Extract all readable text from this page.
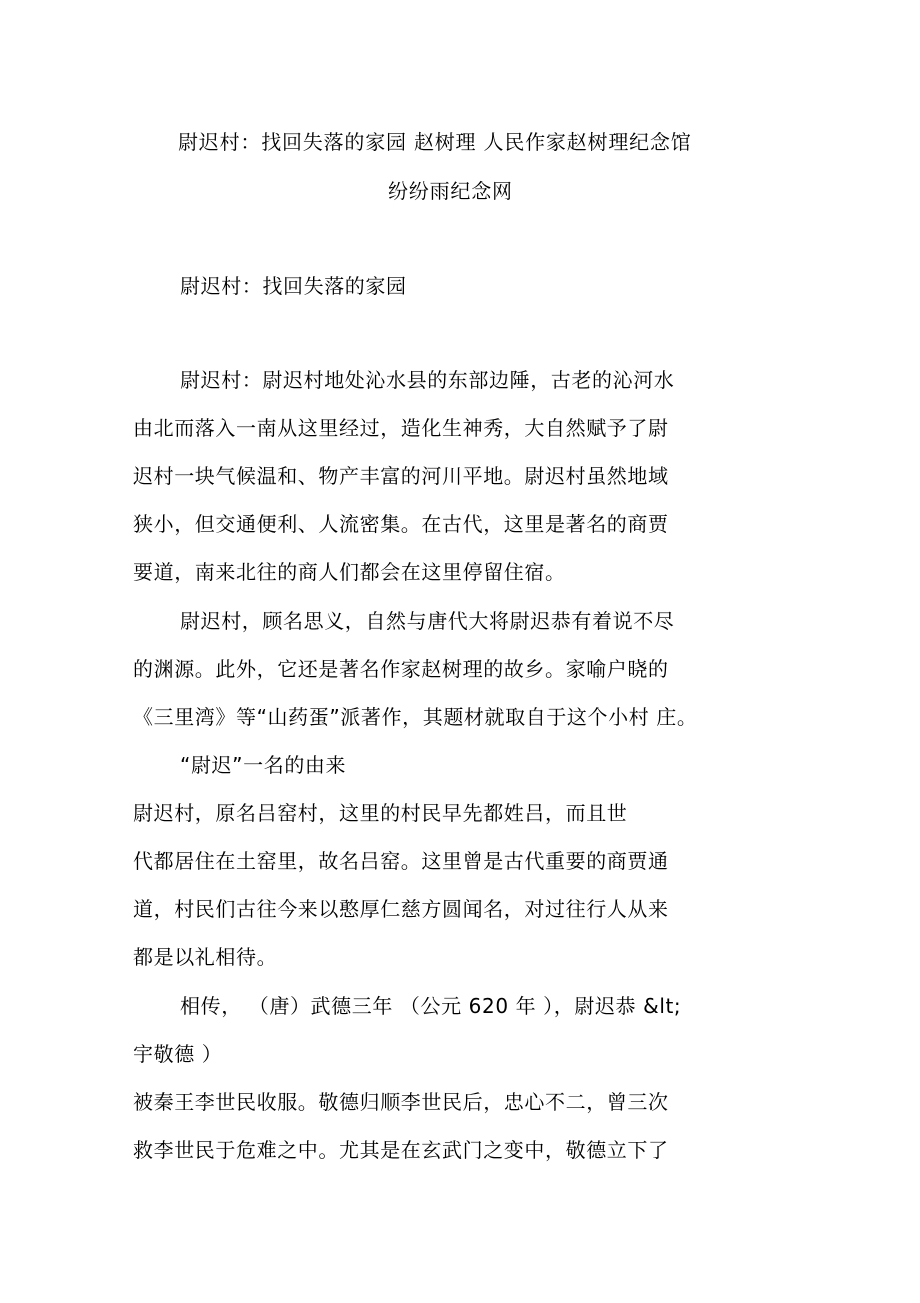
尉迟村：找回失落的家园 赵树理 人民作家赵树理纪念馆
纷纷雨纪念网
尉迟村：找回失落的家园
尉迟村：尉迟村地处沁水县的东部边陲，古老的沁河水
由北而落入一南从这里经过，造化生神秀，大自然赋予了尉
迟村一块气候温和、物产丰富的河川平地。尉迟村虽然地域
狭小，但交通便利、人流密集。在古代，这里是著名的商贾
要道，南来北往的商人们都会在这里停留住宿。
尉迟村，顾名思义，自然与唐代大将尉迟恭有着说不尽
的渊源。此外，它还是著名作家赵树理的故乡。家喻户晓的
《三里湾》等“山药蛋”派著作，其题材就取自于这个小村 庄。
“尉迟”一名的由来
尉迟村，原名吕窑村，这里的村民早先都姓吕，而且世
代都居住在土窑里，故名吕窑。这里曾是古代重要的商贾通
道，村民们古往今来以憨厚仁慈方圆闻名，对过往行人从来
都是以礼相待。
相传， （唐）武德三年 （公元 620 年 ），尉迟恭 &lt;
宇敬德 ）
被秦王李世民收服。敬德归顺李世民后，忠心不二，曾三次
救李世民于危难之中。尤其是在玄武门之变中，敬德立下了
